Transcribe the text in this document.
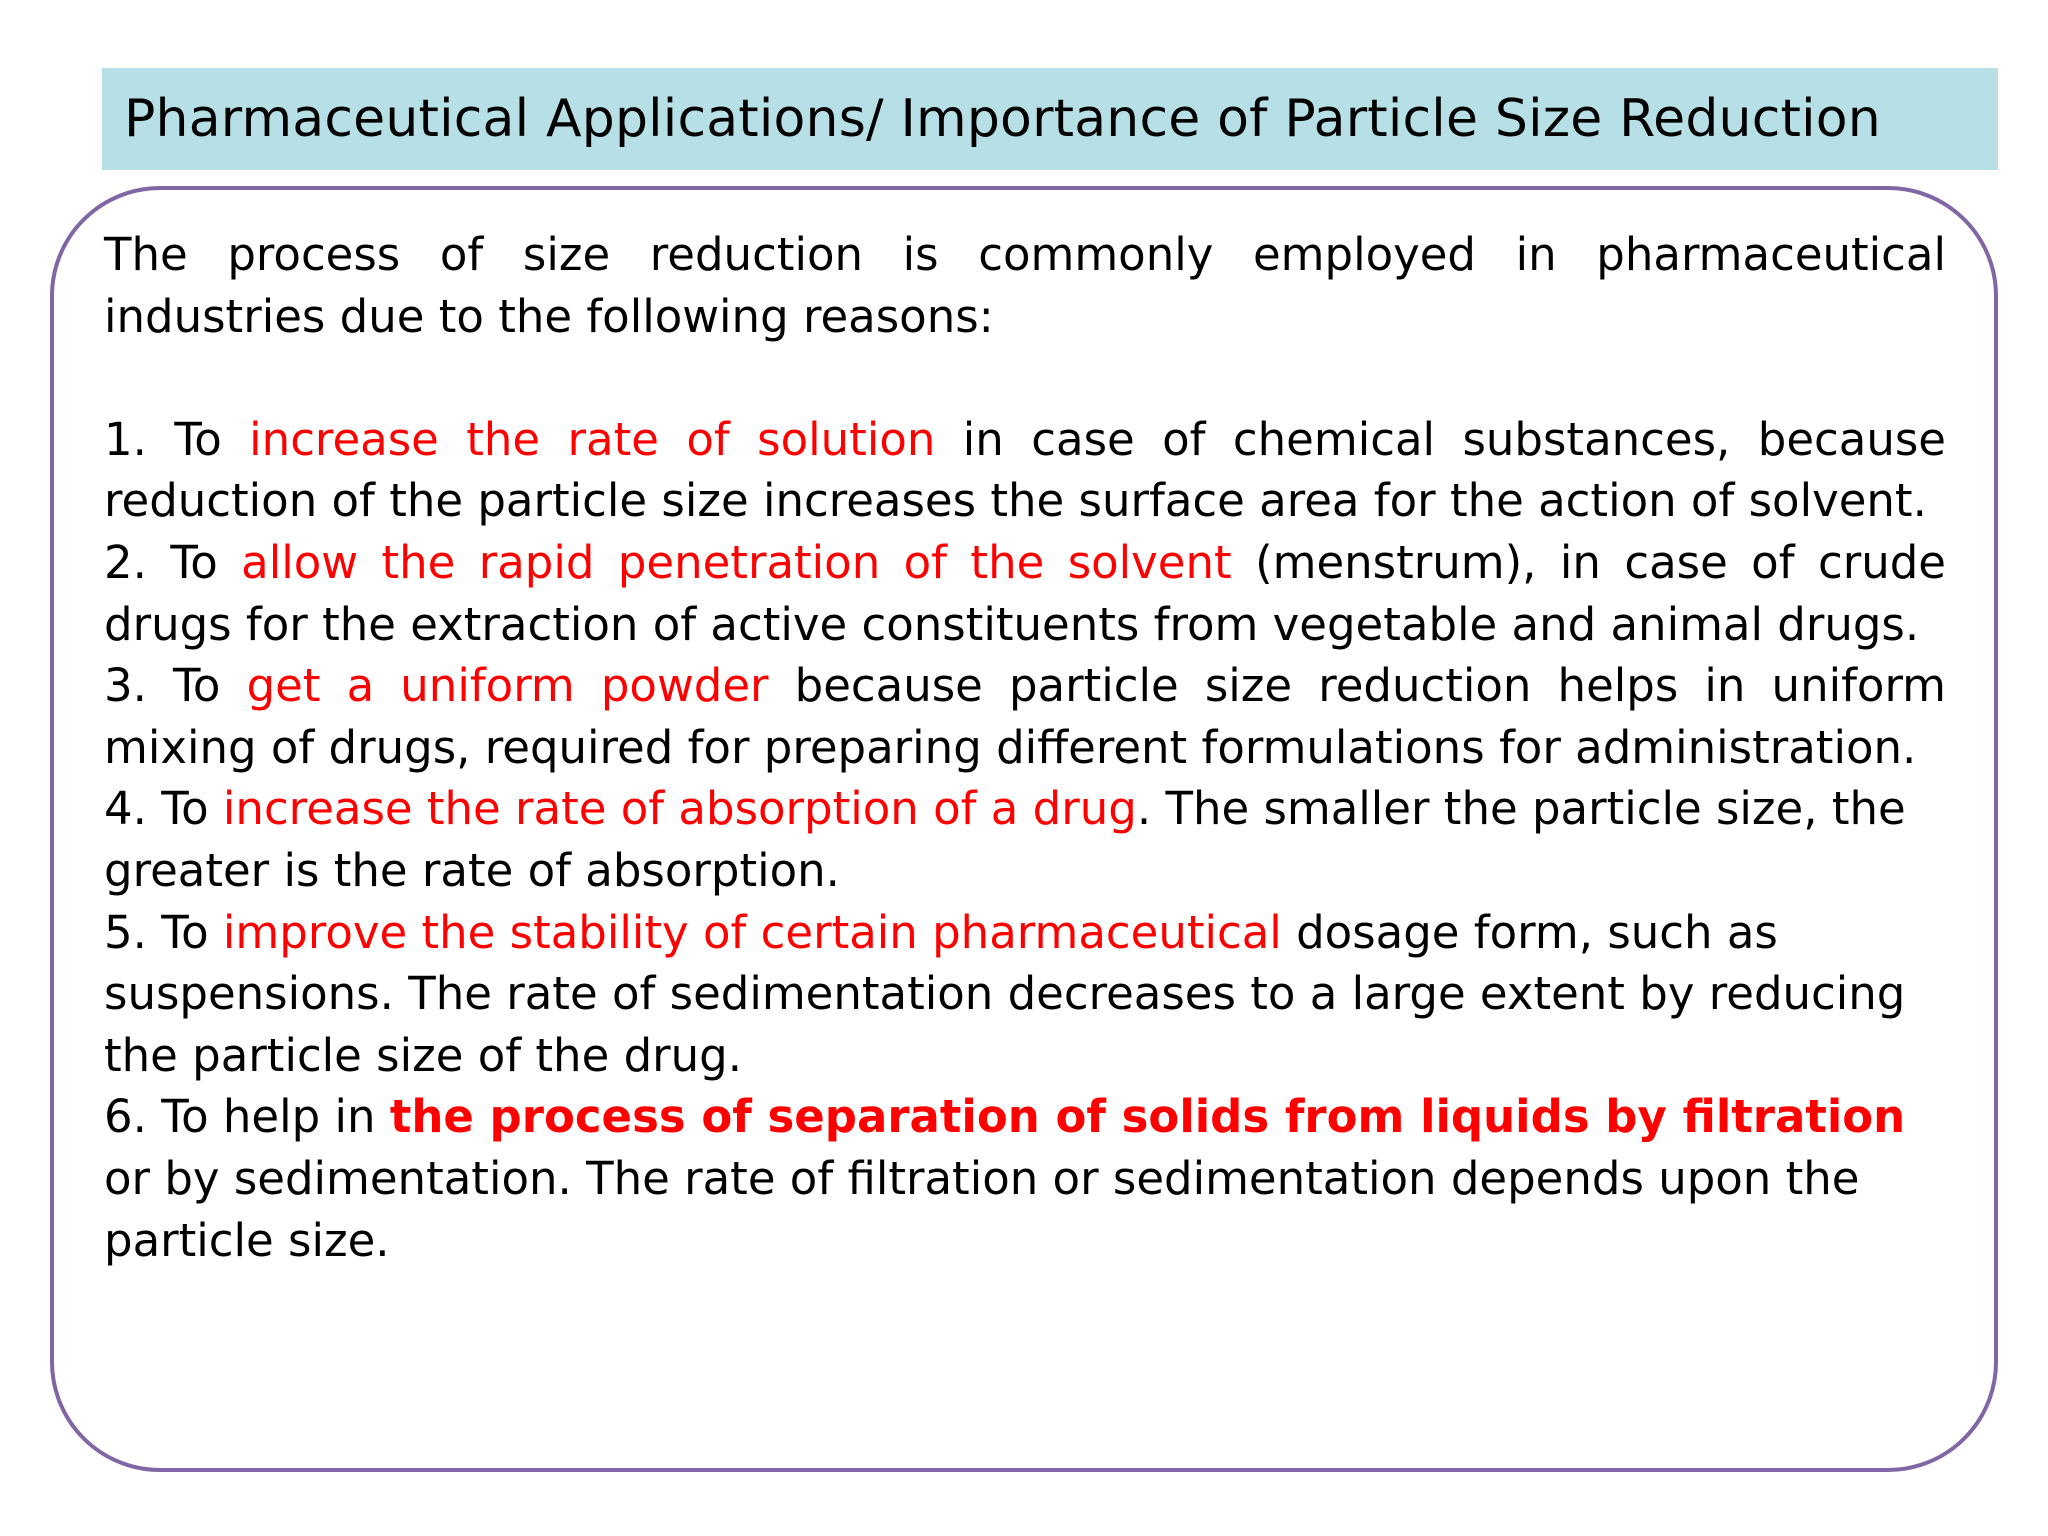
Pharmaceutical Applications/ Importance of Particle Size Reduction

The process of size reduction is commonly employed in pharmaceutical industries due to the following reasons:

1. To increase the rate of solution in case of chemical substances, because reduction of the particle size increases the surface area for the action of solvent.

2. To allow the rapid penetration of the solvent (menstrum), in case of crude drugs for the extraction of active constituents from vegetable and animal drugs.

3. To get a uniform powder because particle size reduction helps in uniform mixing of drugs, required for preparing different formulations for administration.

4. To increase the rate of absorption of a drug. The smaller the particle size, the greater is the rate of absorption.

5. To improve the stability of certain pharmaceutical dosage form, such as suspensions. The rate of sedimentation decreases to a large extent by reducing the particle size of the drug.

6. To help in the process of separation of solids from liquids by filtration or by sedimentation. The rate of filtration or sedimentation depends upon the particle size.
